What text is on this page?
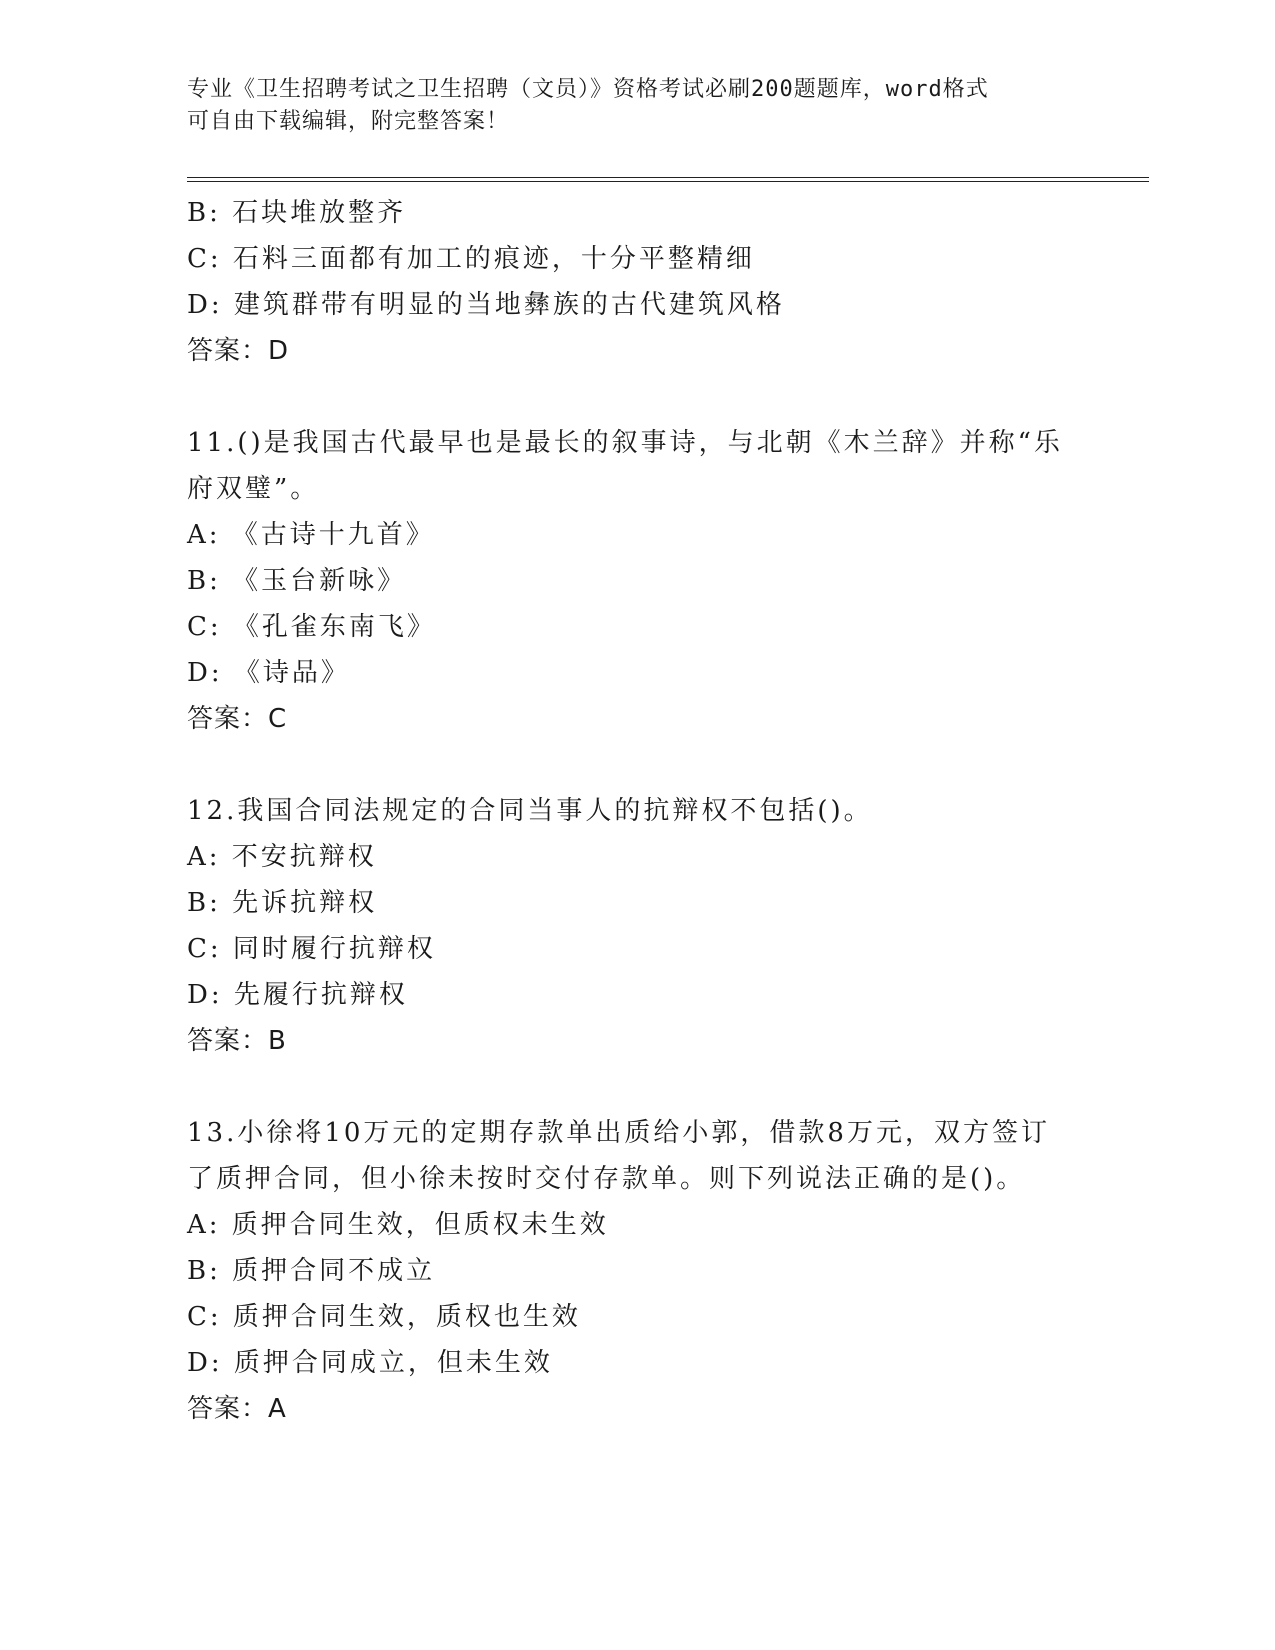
专业《卫生招聘考试之卫生招聘（文员）》资格考试必刷200题题库，word格式
可自由下载编辑，附完整答案！
B: 石块堆放整齐
C: 石料三面都有加工的痕迹，十分平整精细
D: 建筑群带有明显的当地彝族的古代建筑风格
答案：D
11.()是我国古代最早也是最长的叙事诗，与北朝《木兰辞》并称“乐
府双璧”。
A: 《古诗十九首》
B: 《玉台新咏》
C: 《孔雀东南飞》
D: 《诗品》
答案：C
12.我国合同法规定的合同当事人的抗辩权不包括()。
A: 不安抗辩权
B: 先诉抗辩权
C: 同时履行抗辩权
D: 先履行抗辩权
答案：B
13.小徐将10万元的定期存款单出质给小郭，借款8万元，双方签订
了质押合同，但小徐未按时交付存款单。则下列说法正确的是()。
A: 质押合同生效，但质权未生效
B: 质押合同不成立
C: 质押合同生效，质权也生效
D: 质押合同成立，但未生效
答案：A
